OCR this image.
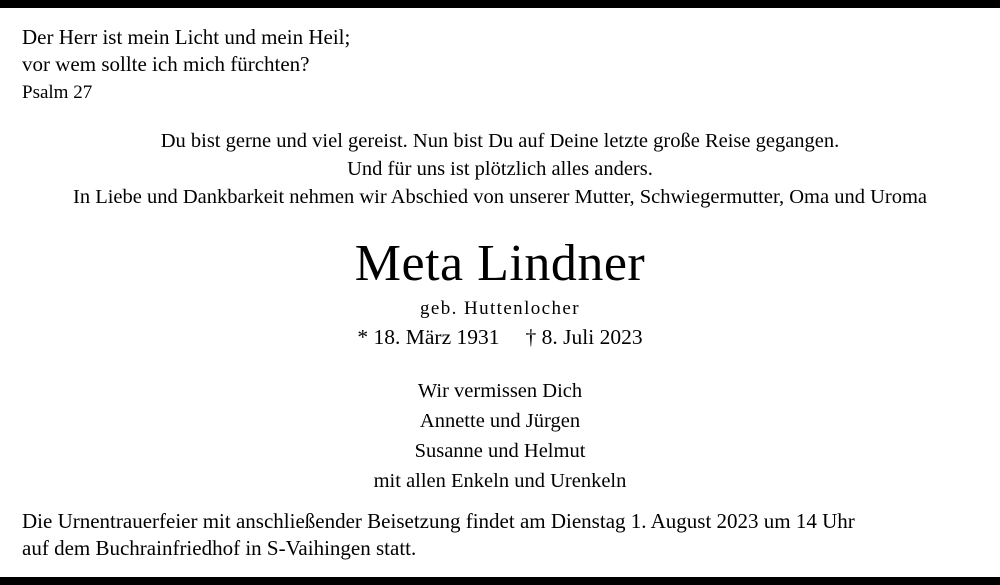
Der Herr ist mein Licht und mein Heil;
vor wem sollte ich mich fürchten?
Psalm 27
Du bist gerne und viel gereist. Nun bist Du auf Deine letzte große Reise gegangen.
Und für uns ist plötzlich alles anders.
In Liebe und Dankbarkeit nehmen wir Abschied von unserer Mutter, Schwiegermutter, Oma und Uroma
Meta Lindner
geb. Huttenlocher
* 18. März 1931 † 8. Juli 2023
Wir vermissen Dich
Annette und Jürgen
Susanne und Helmut
mit allen Enkeln und Urenkeln
Die Urnentrauerfeier mit anschließender Beisetzung findet am Dienstag 1. August 2023 um 14 Uhr
auf dem Buchrainfriedhof in S-Vaihingen statt.
